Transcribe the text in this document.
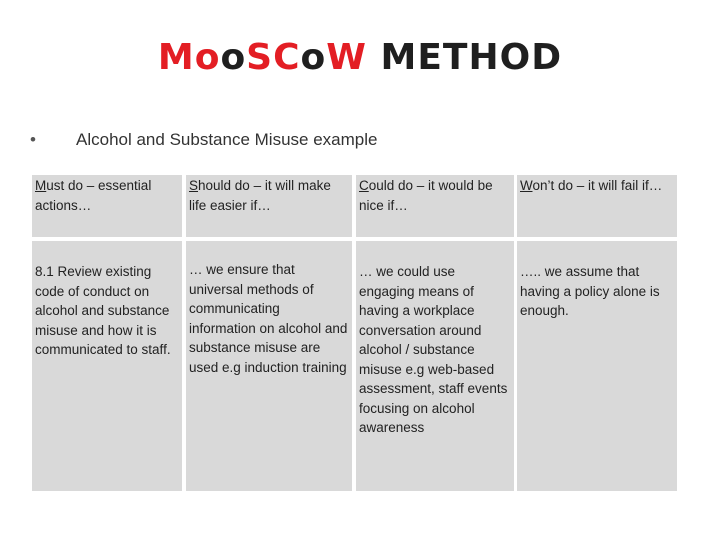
MooSCoW METHOD
• Alcohol and Substance Misuse example
Must do – essential actions…
Should do – it will make life easier if…
Could do – it would be nice if…
Won’t do – it will fail if…
8.1 Review existing code of conduct on alcohol and substance misuse and how it is communicated to staff.
… we ensure that universal methods of communicating information on alcohol and substance misuse are used e.g induction training
… we could use engaging means of having a workplace conversation around alcohol / substance misuse e.g web-based assessment, staff events focusing on alcohol awareness
….. we assume that having a policy alone is enough.
